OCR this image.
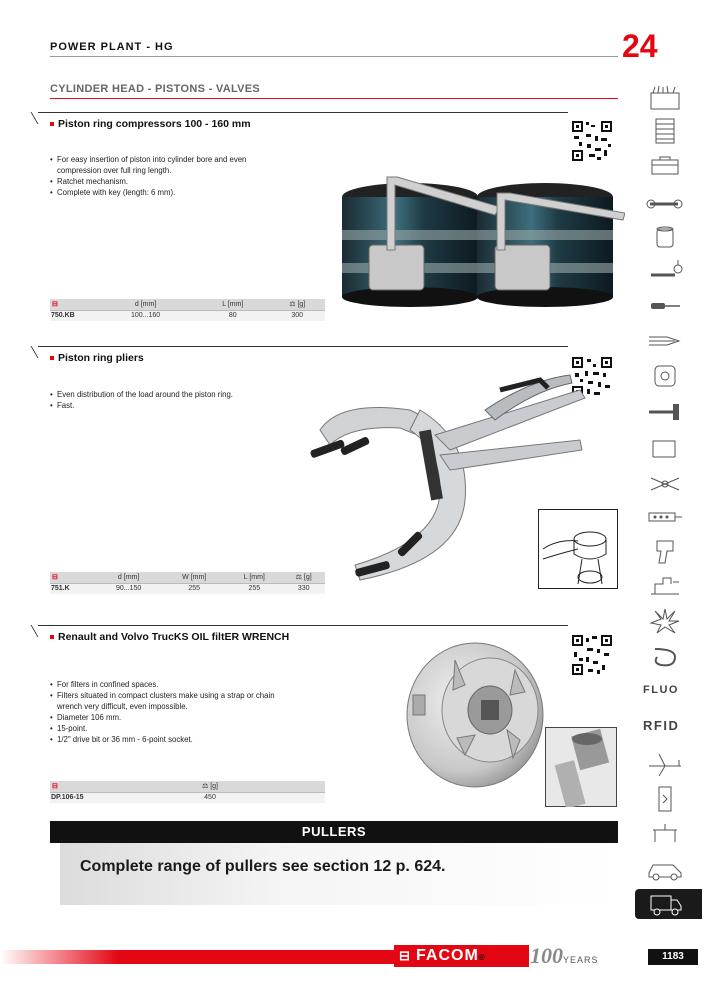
POWER PLANT - HG	24
CYLINDER HEAD - PISTONS - VALVES
Piston ring compressors 100 - 160 mm
• For easy insertion of piston into cylinder bore and even compression over full ring length.
• Ratchet mechanism.
• Complete with key (length: 6 mm).
⊟	d [mm]	L [mm]	⚖ [g]
750.KB	100...160	80	300
Piston ring pliers
• Even distribution of the load around the piston ring.
• Fast.
⊟	d [mm]	W [mm]	L [mm]	⚖ [g]
751.K	90...150	255	255	330
Renault and Volvo TrucKS OIL filtER WRENCH
• For filters in confined spaces.
• Filters situated in compact clusters make using a strap or chain wrench very difficult, even impossible.
• Diameter 106 mm.
• 15-point.
• 1/2" drive bit or 36 mm - 6-point socket.
⊟	⚖ [g]
DP.106-15	450
PULLERS
Complete range of pullers see section 12 p. 624.
FLUO
RFID
⊟ FACOM®	100YEARS	1183
